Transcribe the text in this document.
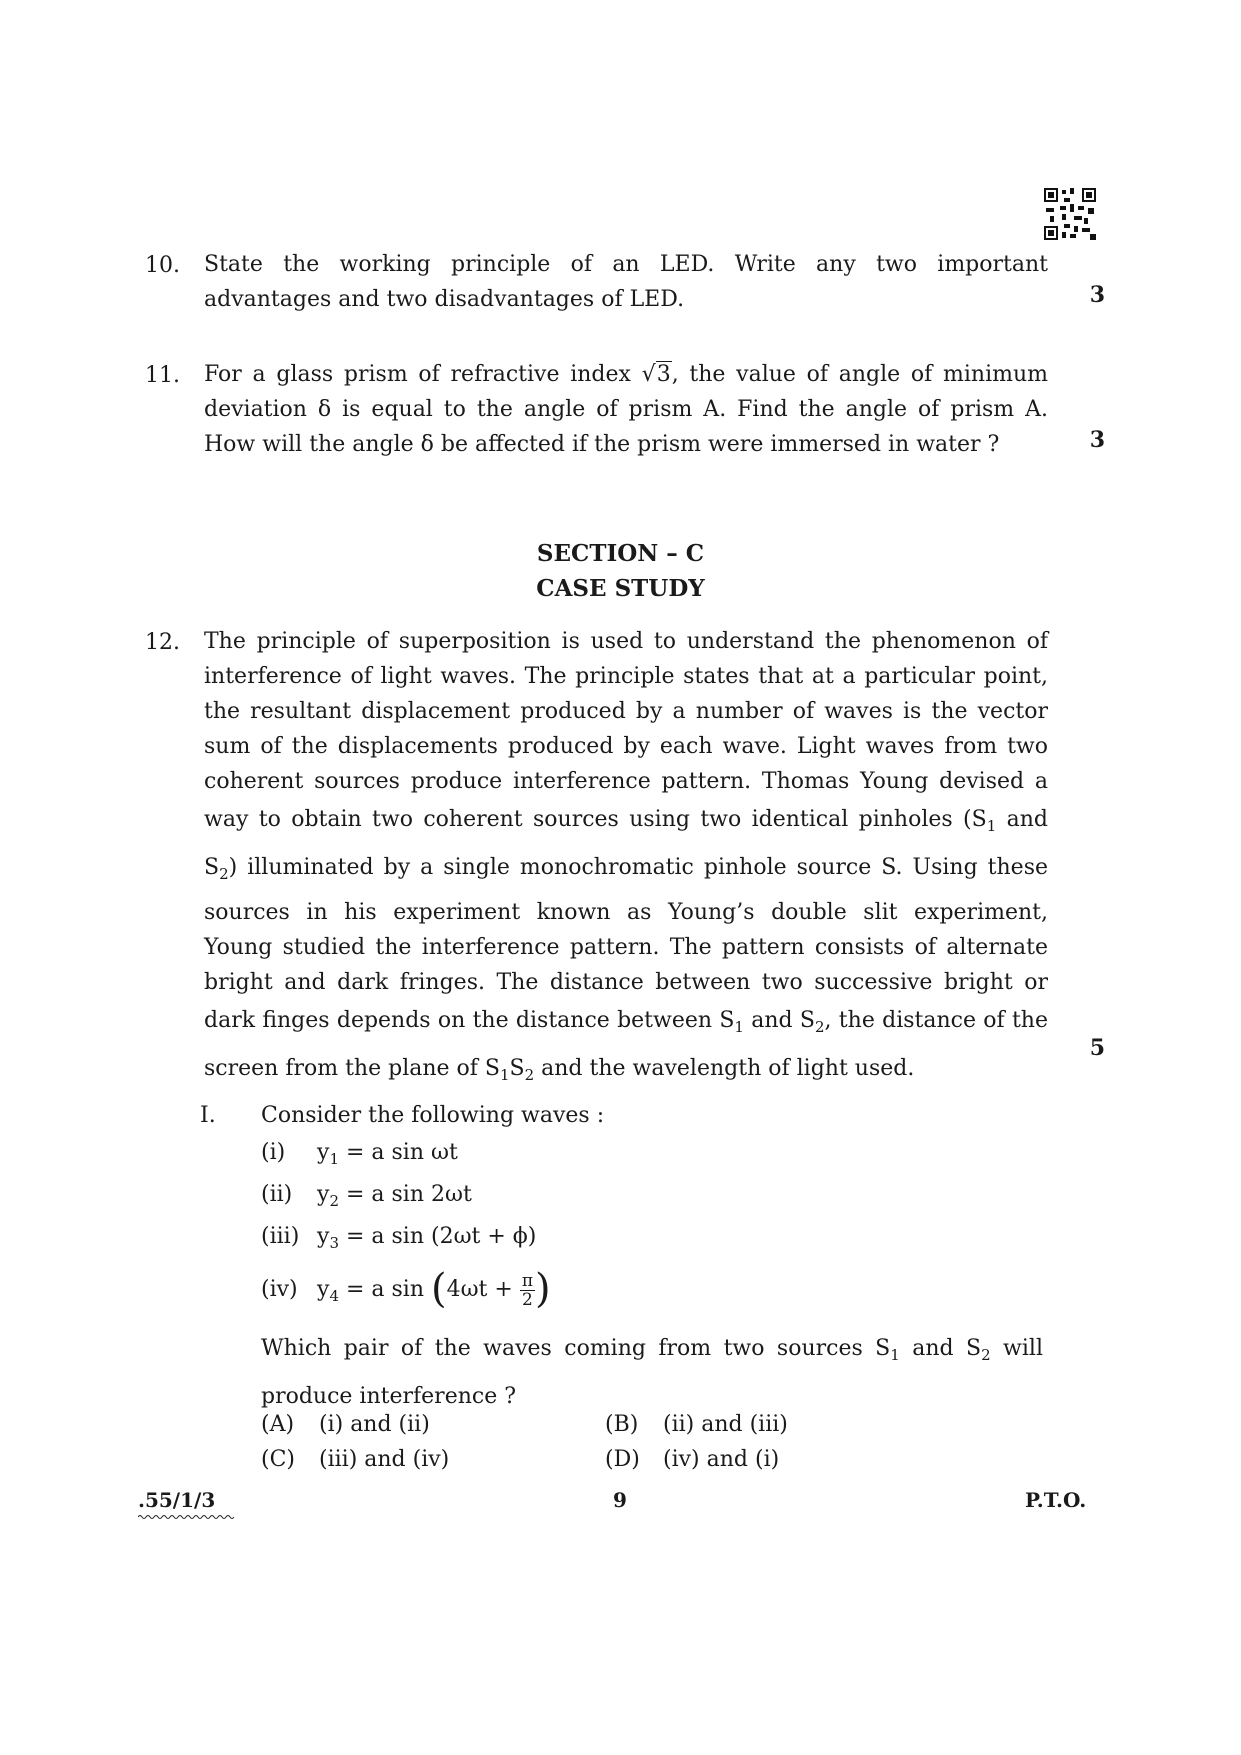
10. State the working principle of an LED. Write any two important
advantages and two disadvantages of LED.	3
11. For a glass prism of refractive index √3, the value of angle of minimum
deviation δ is equal to the angle of prism A. Find the angle of prism A.
How will the angle δ be affected if the prism were immersed in water ?	3
SECTION – C
CASE STUDY
12. The principle of superposition is used to understand the phenomenon of
interference of light waves. The principle states that at a particular point,
the resultant displacement produced by a number of waves is the vector
sum of the displacements produced by each wave. Light waves from two
coherent sources produce interference pattern. Thomas Young devised a
way to obtain two coherent sources using two identical pinholes ($S_1$ and
$S_2$) illuminated by a single monochromatic pinhole source S. Using these
sources in his experiment known as Young’s double slit experiment,
Young studied the interference pattern. The pattern consists of alternate
bright and dark fringes. The distance between two successive bright or
dark finges depends on the distance between $S_1$ and $S_2$, the distance of the
screen from the plane of $S_1S_2$ and the wavelength of light used.
5
I. Consider the following waves :
(i) $y_1 = a$ sin ωt
(ii) $y_2 = a$ sin 2ωt
(iii) $y_3 = a$ sin (2ωt + ϕ)
(iv) $y_4 = a$ $\sin (4\omega t + \frac{\pi}{2}$ )
Which pair of the waves coming from two sources $S_1$ and $S_2$ will
produce interference ?
(A) (i) and (ii)	(B) (ii) and (iii)
(C) (iii) and (iv)	(D) (iv) and (i)
.55/1/3	9	P.T.O.
